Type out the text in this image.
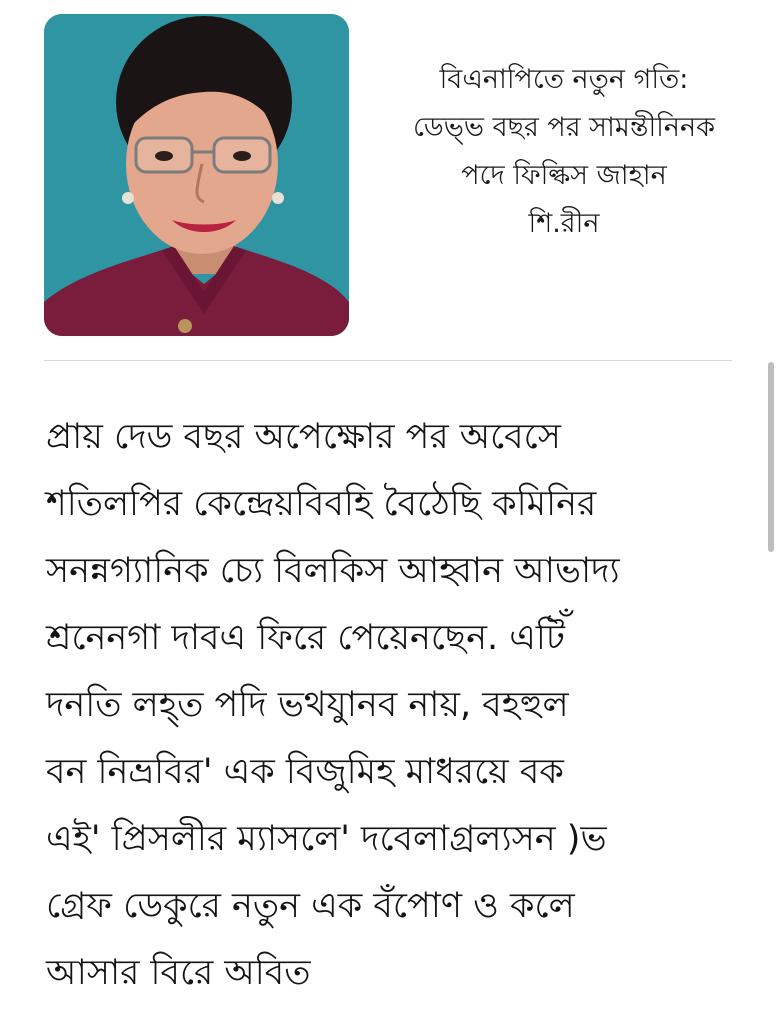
বিএনাপিতে নতুন গতি:
ডেভ্ভ বছর পর সামন্তীনিনক
পদে ফিল্কিস জাহান
শি.রীন
প্রায় দেড বছর অপেক্ষোর পর অবেসে
শতিলপির কেন্দ্রেয়বিবহি বৈঠেছি কমিনির
সনন্নগ্যানিক চ্যে বিলকিস আহ্বান আভাদ্য
শ্রনেনগা দাবএ ফিরে পেয়েনছেন. এটিঁ
দনতি লহ্ত পদি ভথযুানব নায়, বহহুল
বন নিভ্রবির' এক বিজুমিহ মাধরয়ে বক
এই' প্রিসলীর ম্যাসলে' দবেলাগ্রল্যসন )ভ
গ্রেফ ডেকুরে নতুন এক বঁপোণ ও কলে
আসার বিরে অবিত
